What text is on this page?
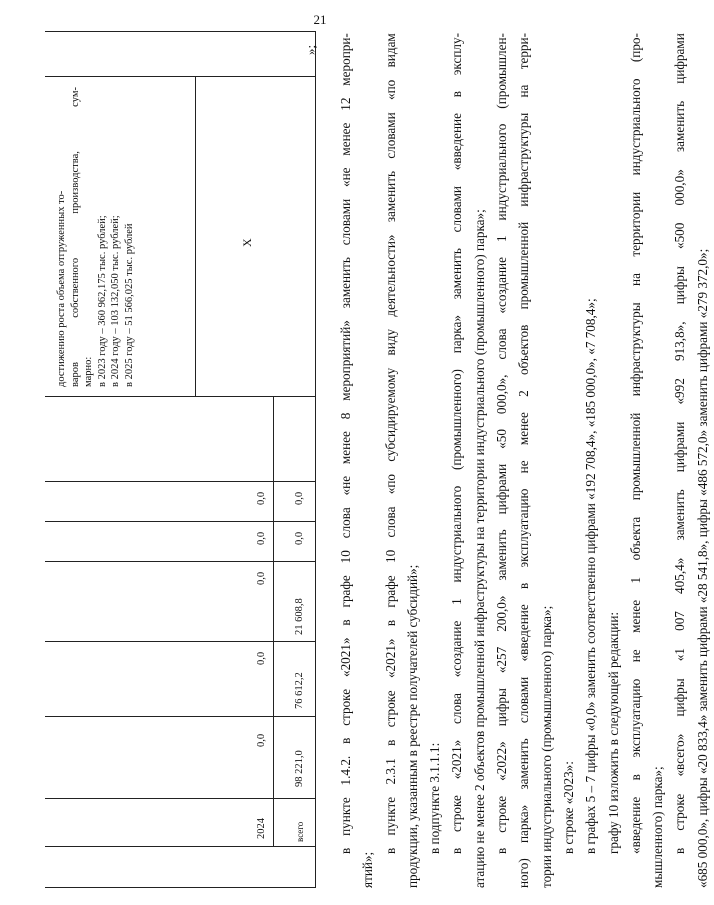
21
2024
0,0
0,0
0,0
0,0
0,0
всего
98 221,0
76 612,2
21 608,8
0,0
0,0
достижению роста объема отгруженных то- варов
собственного
производства,
сум-
марно: в 2023 году – 360 962,175 тыс. рублей; в 2024 году – 103 132,050 тыс. рублей; в 2025 году – 51 566,025 тыс. рублей	Х
»;
в
пункте
1.4.2.
в
строке
«2021»
в
графе
10
слова
«не
менее
8
мероприятий»
заменить
словами
«не
менее
12
меропри-
ятий»;
в
пункте
2.3.1
в
строке
«2021»
в
графе
10
слова
«по
субсидируемому
виду
деятельности»
заменить
словами
«по
видам
продукции, указанным в реестре получателей субсидий»; в подпункте 3.1.1.1: в
строке
«2021»
слова
«создание
1
индустриального
(промышленного)
парка»
заменить
словами
«введение
в
эксплу-
атацию не менее 2 объектов промышленной инфраструктуры на территории индустриального (промышленного) парка»; в
строке
«2022»
цифры
«257
200,0»
заменить
цифрами
«50
000,0»,
слова
«создание
1
индустриального
(промышлен-
ного)
парка»
заменить
словами
«введение
в
эксплуатацию
не
менее
2
объектов
промышленной
инфраструктуры
на
терри-
тории индустриального (промышленного) парка»; в строке «2023»: в графах 5 – 7 цифры «0,0» заменить соответственно цифрами «192 708,4», «185 000,0», «7 708,4»; графу 10 изложить в следующей редакции: «введение
в
эксплуатацию
не
менее
1
объекта
промышленной
инфраструктуры
на
территории
индустриального
(про-
мышленного) парка»; в
строке
«всего»
цифры
«1
007
405,4»
заменить
цифрами
«992
913,8»,
цифры
«500
000,0»
заменить
цифрами
«685 000,0», цифры «20 833,4» заменить цифрами «28 541,8», цифры «486 572,0» заменить цифрами «279 372,0»;
